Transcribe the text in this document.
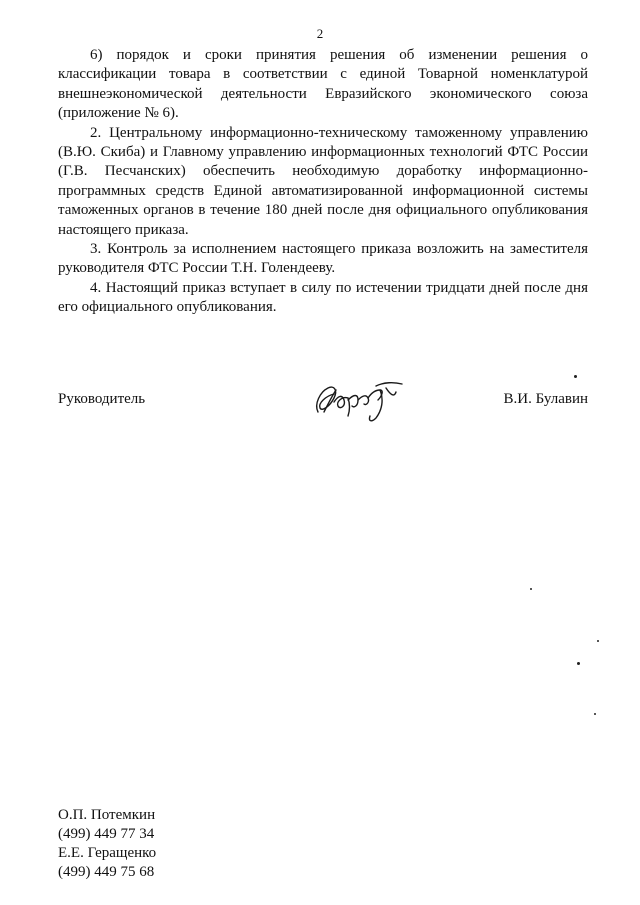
2

6) порядок и сроки принятия решения об изменении решения о классификации товара в соответствии с единой Товарной номенклатурой внешнеэкономической деятельности Евразийского экономического союза (приложение № 6).

2. Центральному информационно-техническому таможенному управлению (В.Ю. Скиба) и Главному управлению информационных технологий ФТС России (Г.В. Песчанских) обеспечить необходимую доработку информационно-программных средств Единой автоматизированной информационной системы таможенных органов в течение 180 дней после дня официального опубликования настоящего приказа.

3. Контроль за исполнением настоящего приказа возложить на заместителя руководителя ФТС России Т.Н. Голендееву.

4. Настоящий приказ вступает в силу по истечении тридцати дней после дня его официального опубликования.

Руководитель	В.И. Булавин

О.П. Потемкин

(499) 449 77 34

Е.Е. Геращенко

(499) 449 75 68
